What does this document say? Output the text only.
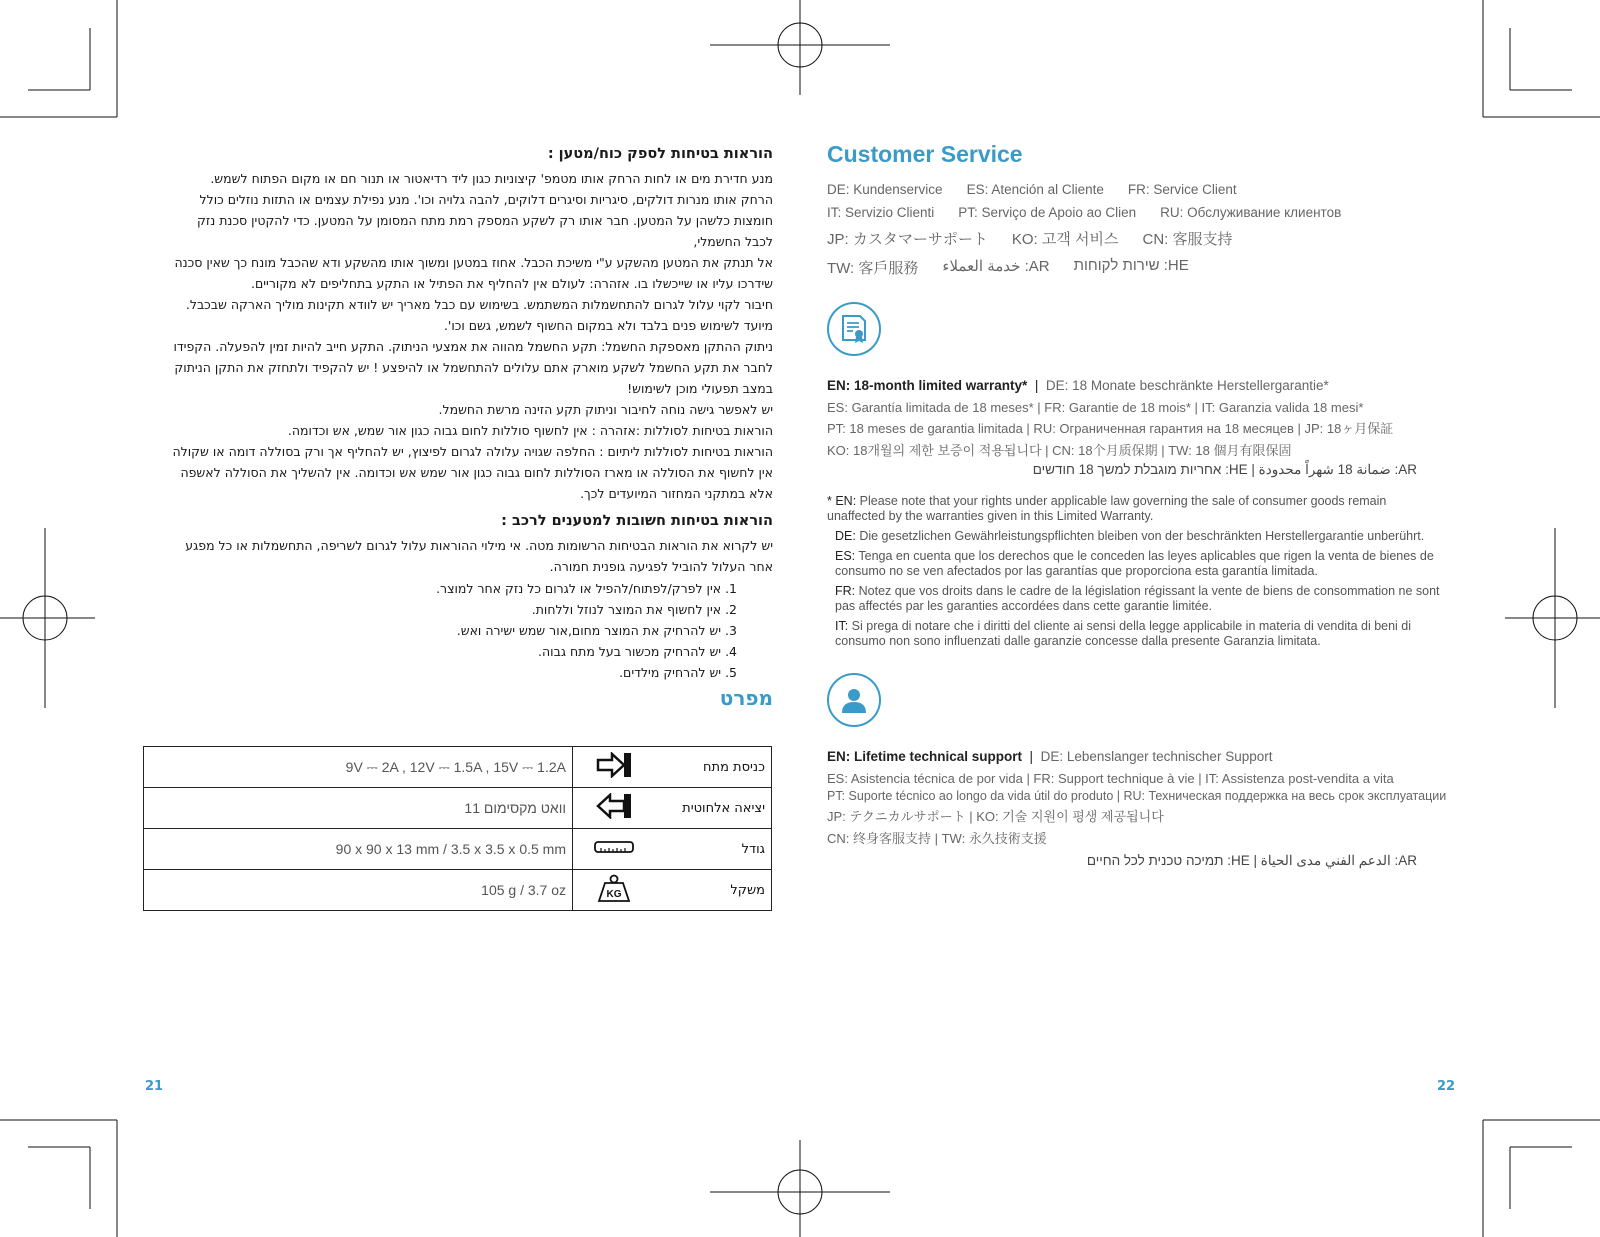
הוראות בטיחות לספק כוח/מטען :

מנע חדירת מים או לחות הרחק אותו מטמפ' קיצוניות כגון ליד רדיאטור או תנור חם או מקום הפתוח לשמש.

הרחק אותו מנרות דולקים, סיגריות וסיגרים דלוקים, להבה גלויה וכו'. מנע נפילת עצמים או התזות נוזלים כולל

חומצות כלשהן על המטען. חבר אותו רק לשקע המספק רמת מתח המסומן על המטען. כדי להקטין סכנת נזק

לכבל החשמלי,

אל תנתק את המטען מהשקע ע"י משיכת הכבל. אחוז במטען ומשוך אותו מהשקע ודא שהכבל מונח כך שאין סכנה

שידרכו עליו או שייכשלו בו. אזהרה: לעולם אין להחליף את הפתיל או התקע בתחליפים לא מקוריים.

חיבור לקוי עלול לגרום להתחשמלות המשתמש. בשימוש עם כבל מאריך יש לוודא תקינות מוליך הארקה שבכבל.

מיועד לשימוש פנים בלבד ולא במקום החשוף לשמש, גשם וכו'.

ניתוק ההתקן מאספקת החשמל: תקע החשמל מהווה את אמצעי הניתוק. התקע חייב להיות זמין להפעלה. הקפידו

לחבר את תקע החשמל לשקע מוארק אתם עלולים להתחשמל או להיפצע ! יש להקפיד ולתחזק את התקן הניתוק

במצב תפעולי מוכן לשימוש!

יש לאפשר גישה נוחה לחיבור וניתוק תקע הזינה מרשת החשמל.

הוראות בטיחות לסוללות :אזהרה : אין לחשוף סוללות לחום גבוה כגון אור שמש, אש וכדומה.

הוראות בטיחות לסוללות ליתיום : החלפה שגויה עלולה לגרום לפיצוץ, יש להחליף אך ורק בסוללה דומה או שקולה

אין לחשוף את הסוללה או מארז הסוללות לחום גבוה כגון אור שמש אש וכדומה. אין להשליך את הסוללה לאשפה

אלא במתקני המחזור המיועדים לכך.

הוראות בטיחות חשובות למטענים לרכב :

יש לקרוא את הוראות הבטיחות הרשומות מטה. אי מילוי ההוראות עלול לגרום לשריפה, התחשמלות או כל מפגע

אחר העלול להוביל לפגיעה גופנית חמורה.

1. אין לפרק/לפתוח/להפיל או לגרום כל נזק אחר למוצר.
2. אין לחשוף את המוצר לנוזל וללחות.
3. יש להרחיק את המוצר מחום,אור שמש ישירה ואש.
4. יש להרחיק מכשור בעל מתח גבוה.
5. יש להרחיק מילדים.
מפרט
9V ⎓ 2A , 12V ⎓ 1.5A , 15V ⎓ 1.2A		כניסת מתח
11 וואט מקסימום		יציאה אלחוטית
90 x 90 x 13 mm / 3.5 x 3.5 x 0.5 mm		גודל
105 g / 3.7 oz	KG	משקל
21
Customer Service
DE: Kundenservice ES: Atención al Cliente FR: Service Client
IT: Servizio Clienti PT: Serviço de Apoio ao Clien RU: Обслуживание клиентов
JP: カスタマーサポート KO: 고객 서비스 CN: 客服支持
TW: 客戶服務 AR: خدمة العملاء HE: שירות לקוחות
EN: 18-month limited warranty*  |  DE: 18 Monate beschränkte Herstellergarantie*
ES: Garantía limitada de 18 meses* | FR: Garantie de 18 mois* | IT: Garanzia valida 18 mesi*
PT: 18 meses de garantia limitada | RU: Ограниченная гарантия на 18 месяцев | JP: 18ヶ月保証
KO: 18개월의 제한 보증이 적용됩니다 | CN: 18个月质保期 | TW: 18 個月有限保固
AR: ضمانة 18 شهراً محدودة | HE: אחריות מוגבלת למשך 18 חודשים
* EN: Please note that your rights under applicable law governing the sale of consumer goods remain unaffected by the warranties given in this Limited Warranty.
DE: Die gesetzlichen Gewährleistungspflichten bleiben von der beschränkten Herstellergarantie unberührt.
ES: Tenga en cuenta que los derechos que le conceden las leyes aplicables que rigen la venta de bienes de consumo no se ven afectados por las garantías que proporciona esta garantía limitada.
FR: Notez que vos droits dans le cadre de la législation régissant la vente de biens de consommation ne sont pas affectés par les garanties accordées dans cette garantie limitée.
IT: Si prega di notare che i diritti del cliente ai sensi della legge applicabile in materia di vendita di beni di consumo non sono influenzati dalle garanzie concesse dalla presente Garanzia limitata.
EN: Lifetime technical support  |  DE: Lebenslanger technischer Support
ES: Asistencia técnica de por vida | FR: Support technique à vie | IT: Assistenza post-vendita a vita
PT: Suporte técnico ao longo da vida útil do produto | RU: Техническая поддержка на весь срок эксплуатации
JP: テクニカルサポート | KO: 기술 지원이 평생 제공됩니다
CN: 终身客服支持 | TW: 永久技術支援
AR: الدعم الفني مدى الحياة | HE: תמיכה טכנית לכל החיים
22
